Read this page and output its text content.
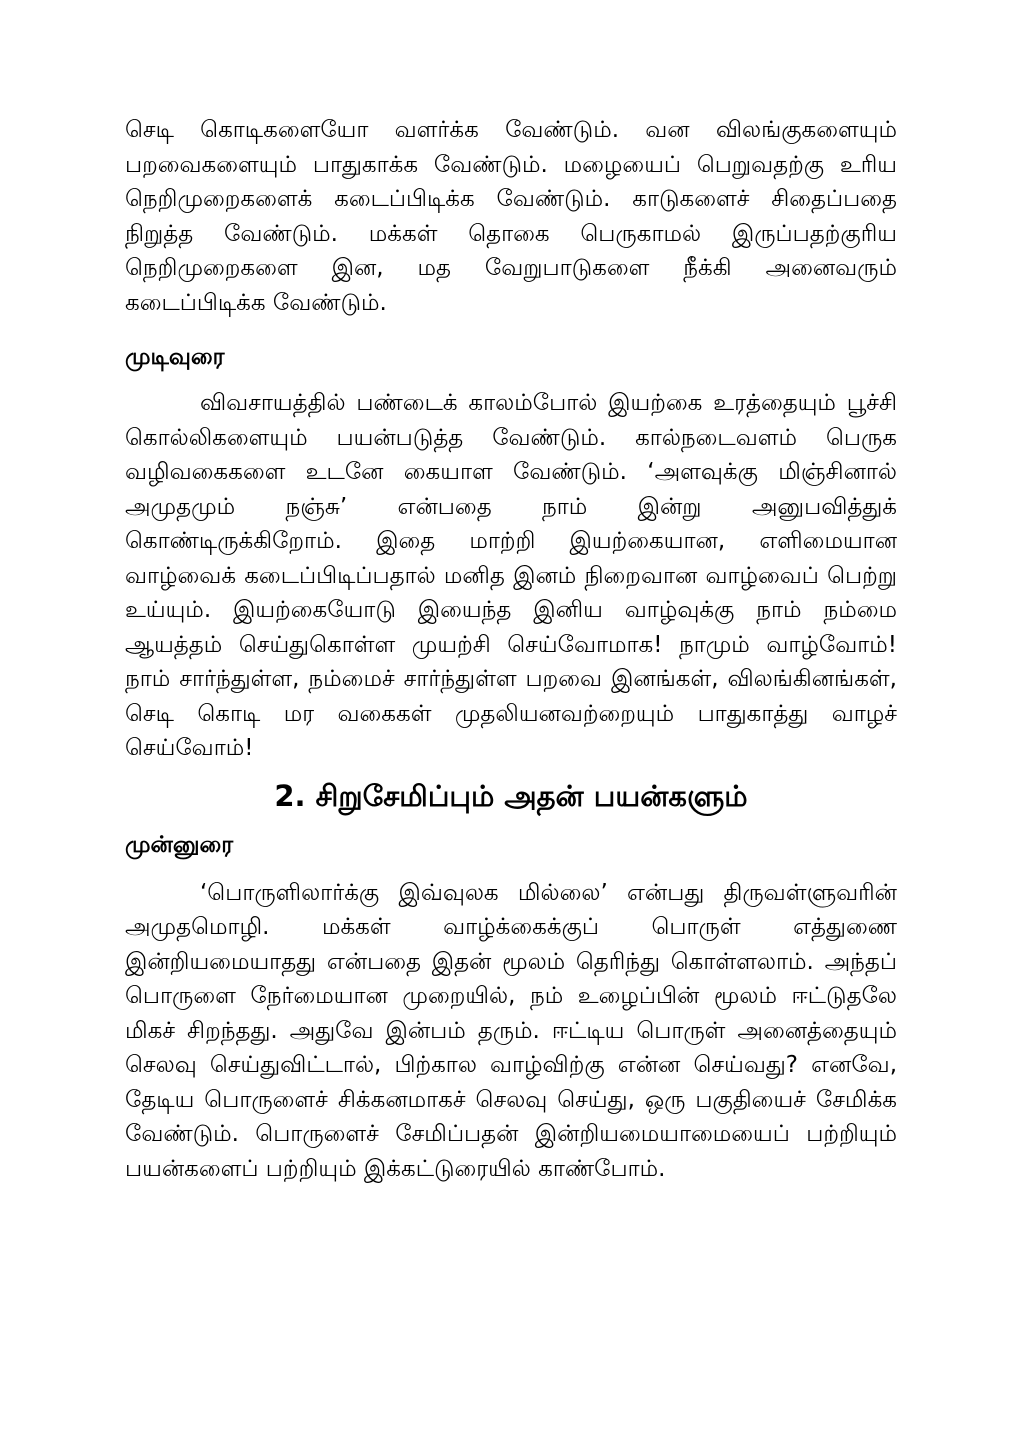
செடி கொடிகளையோ வளர்க்க வேண்டும். வன விலங்குகளையும் பறவைகளையும் பாதுகாக்க வேண்டும். மழையைப் பெறுவதற்கு உரிய நெறிமுறைகளைக் கடைப்பிடிக்க வேண்டும். காடுகளைச் சிதைப்பதை நிறுத்த வேண்டும். மக்கள் தொகை பெருகாமல் இருப்பதற்குரிய நெறிமுறைகளை இன, மத வேறுபாடுகளை நீக்கி அனைவரும் கடைப்பிடிக்க வேண்டும்.

முடிவுரை

விவசாயத்தில் பண்டைக் காலம்போல் இயற்கை உரத்தையும் பூச்சி கொல்லிகளையும் பயன்படுத்த வேண்டும். கால்நடைவளம் பெருக வழிவகைகளை உடனே கையாள வேண்டும். ‘அளவுக்கு மிஞ்சினால் அமுதமும் நஞ்சு’ என்பதை நாம் இன்று அனுபவித்துக் கொண்டிருக்கிறோம். இதை மாற்றி இயற்கையான, எளிமையான வாழ்வைக் கடைப்பிடிப்பதால் மனித இனம் நிறைவான வாழ்வைப் பெற்று உய்யும். இயற்கையோடு இயைந்த இனிய வாழ்வுக்கு நாம் நம்மை ஆயத்தம் செய்துகொள்ள முயற்சி செய்வோமாக! நாமும் வாழ்வோம்! நாம் சார்ந்துள்ள, நம்மைச் சார்ந்துள்ள பறவை இனங்கள், விலங்கினங்கள், செடி கொடி மர வகைகள் முதலியனவற்றையும் பாதுகாத்து வாழச் செய்வோம்!

2. சிறுசேமிப்பும் அதன் பயன்களும்
முன்னுரை

‘பொருளிலார்க்கு இவ்வுலக மில்லை’ என்பது திருவள்ளுவரின் அமுதமொழி. மக்கள் வாழ்க்கைக்குப் பொருள் எத்துணை இன்றியமையாதது என்பதை இதன் மூலம் தெரிந்து கொள்ளலாம். அந்தப் பொருளை நேர்மையான முறையில், நம் உழைப்பின் மூலம் ஈட்டுதலே மிகச் சிறந்தது. அதுவே இன்பம் தரும். ஈட்டிய பொருள் அனைத்தையும் செலவு செய்துவிட்டால், பிற்கால வாழ்விற்கு என்ன செய்வது? எனவே, தேடிய பொருளைச் சிக்கனமாகச் செலவு செய்து, ஒரு பகுதியைச் சேமிக்க வேண்டும். பொருளைச் சேமிப்பதன் இன்றியமையாமையைப் பற்றியும் பயன்களைப் பற்றியும் இக்கட்டுரையில் காண்போம்.
